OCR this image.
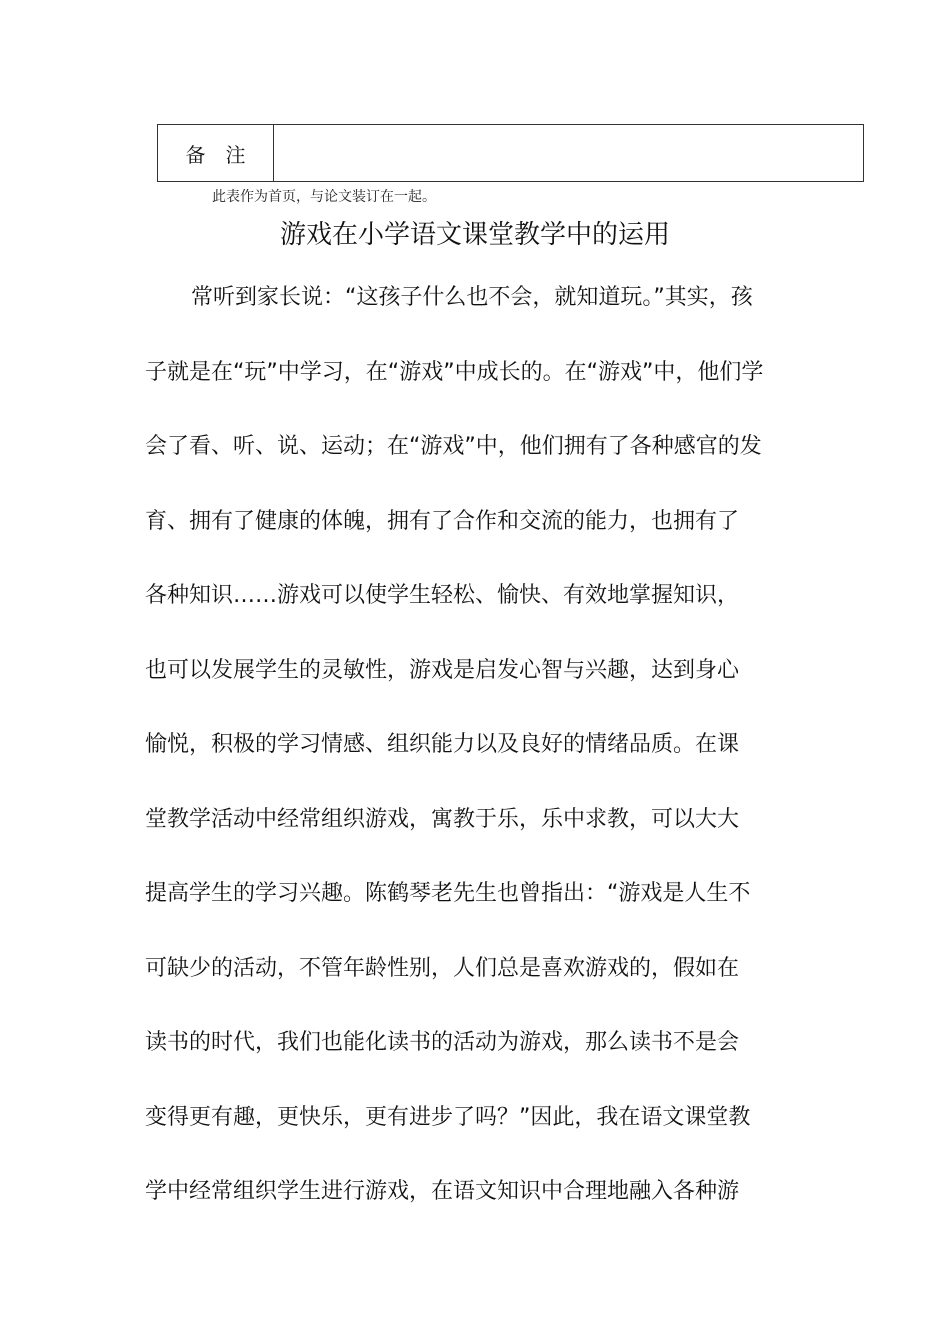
备　注
此表作为首页，与论文装订在一起。
游戏在小学语文课堂教学中的运用
常听到家长说：“这孩子什么也不会，就知道玩。”其实，孩
子就是在“玩”中学习，在“游戏”中成长的。在“游戏”中，他们学
会了看、听、说、运动；在“游戏”中，他们拥有了各种感官的发
育、拥有了健康的体魄，拥有了合作和交流的能力，也拥有了
各种知识……游戏可以使学生轻松、愉快、有效地掌握知识，
也可以发展学生的灵敏性，游戏是启发心智与兴趣，达到身心
愉悦，积极的学习情感、组织能力以及良好的情绪品质。在课
堂教学活动中经常组织游戏，寓教于乐，乐中求教，可以大大
提高学生的学习兴趣。陈鹤琴老先生也曾指出：“游戏是人生不
可缺少的活动，不管年龄性别，人们总是喜欢游戏的，假如在
读书的时代，我们也能化读书的活动为游戏，那么读书不是会
变得更有趣，更快乐，更有进步了吗？”因此，我在语文课堂教
学中经常组织学生进行游戏，在语文知识中合理地融入各种游
